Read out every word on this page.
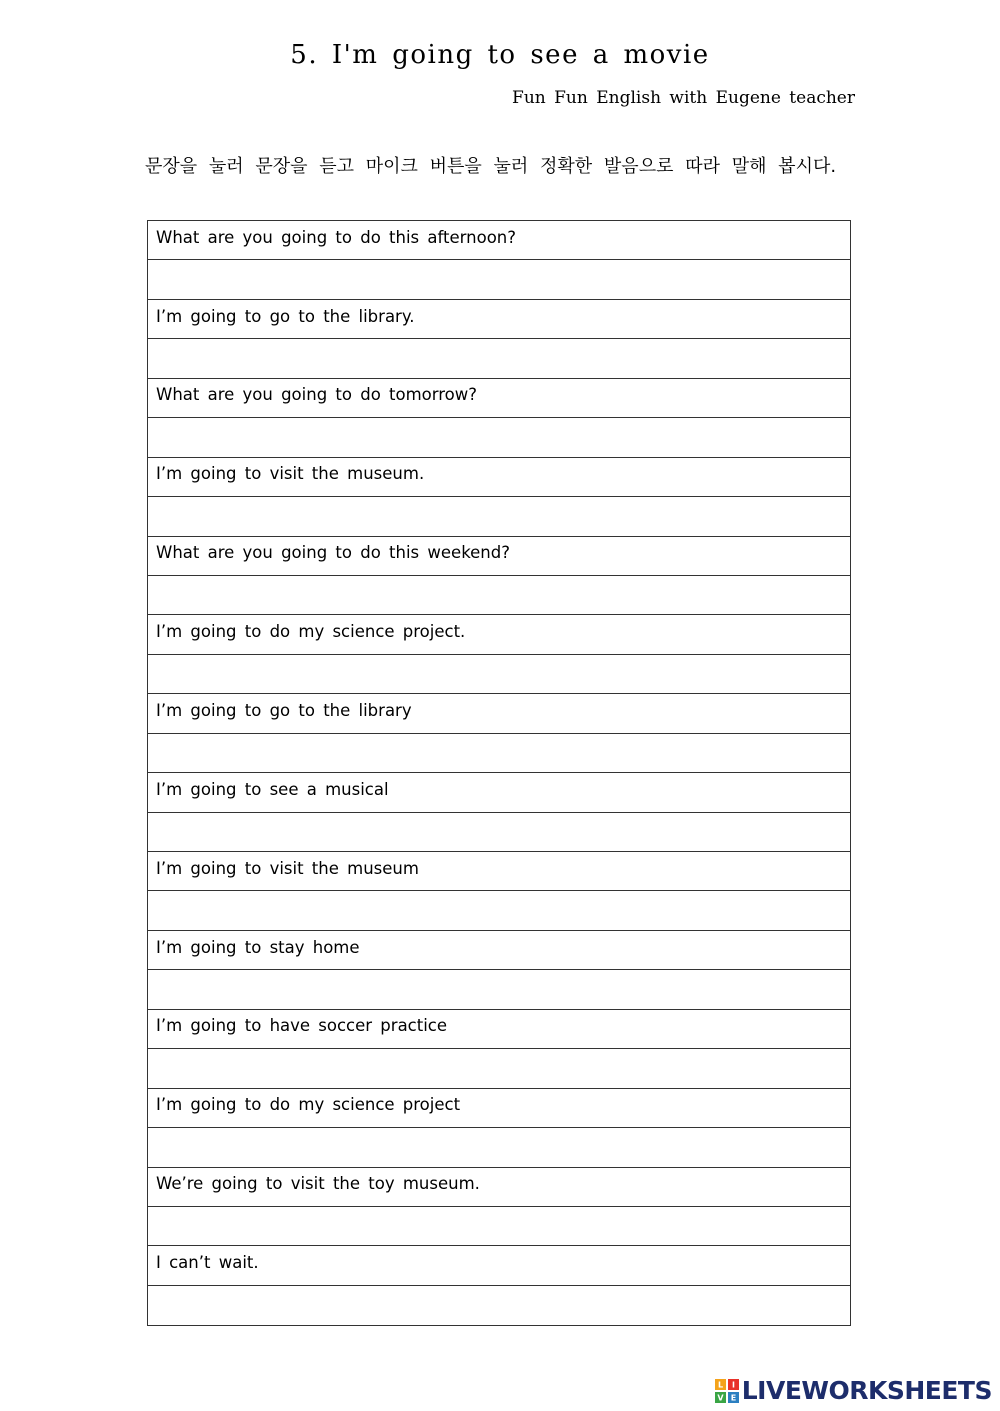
5. I'm going to see a movie
Fun Fun English with Eugene teacher
문장을 눌러 문장을 듣고 마이크 버튼을 눌러 정확한 발음으로 따라 말해 봅시다.
What are you going to do this afternoon?
I’m going to go to the library.
What are you going to do tomorrow?
I’m going to visit the museum.
What are you going to do this weekend?
I’m going to do my science project.
I’m going to go to the library
I’m going to see a musical
I’m going to visit the museum
I’m going to stay home
I’m going to have soccer practice
I’m going to do my science project
We’re going to visit the toy museum.
I can’t wait.
L I
V E LIVEWORKSHEETS
